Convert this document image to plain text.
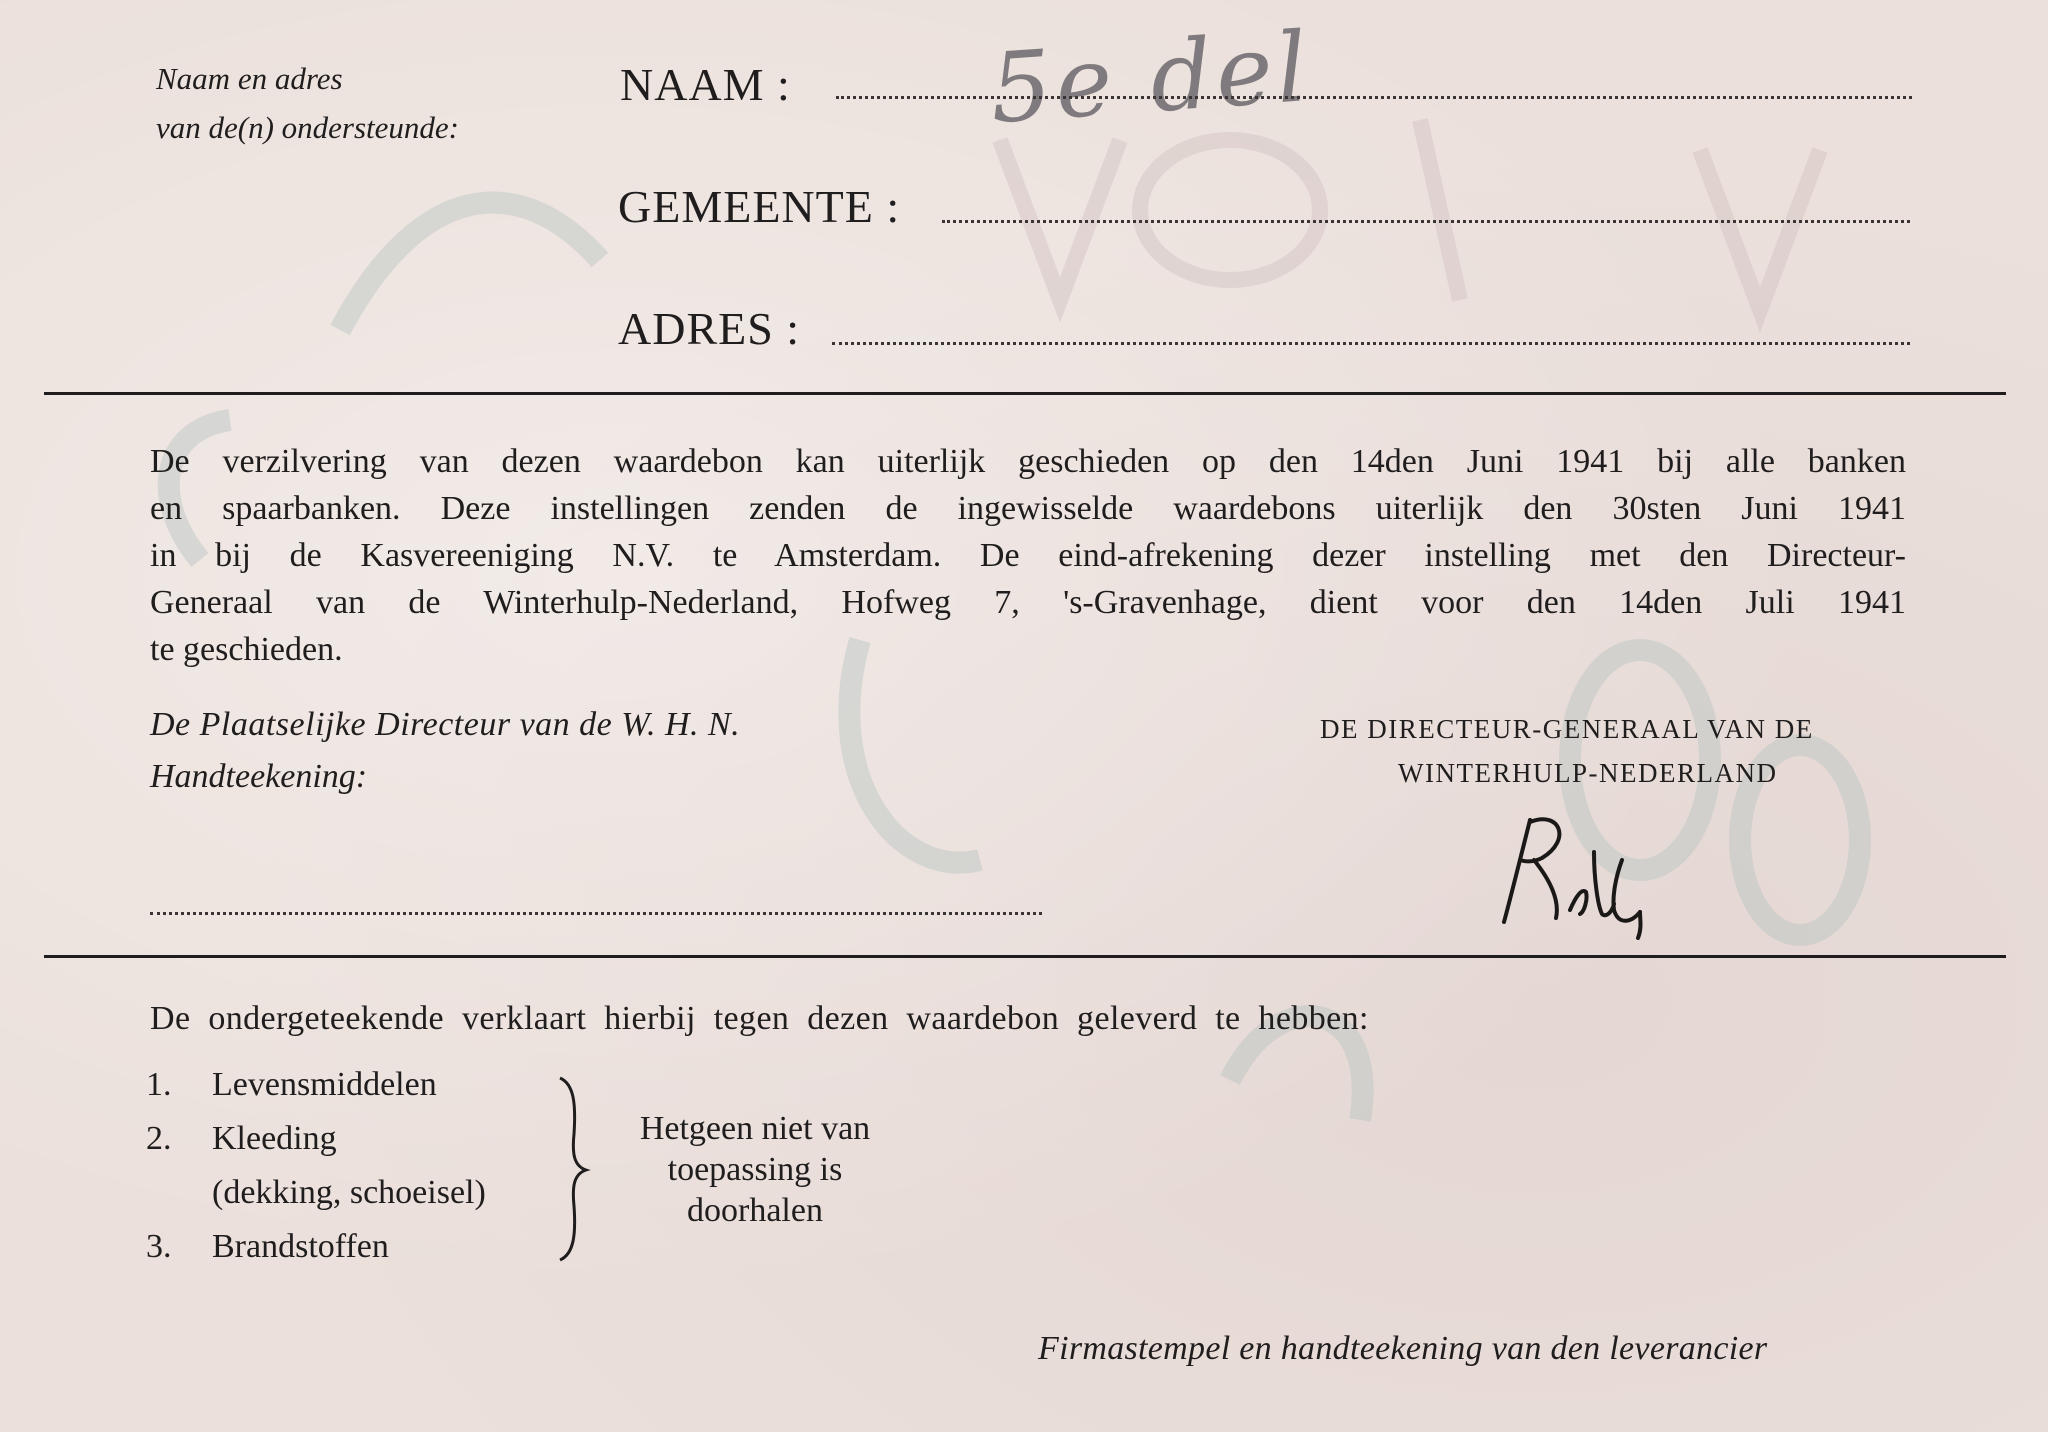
Naam en adres
van de(n) ondersteunde:	5e del
NAAM :
GEMEENTE :
ADRES :
De verzilvering van dezen waardebon kan uiterlijk geschieden op den 14den Juni 1941 bij alle banken
en spaarbanken. Deze instellingen zenden de ingewisselde waardebons uiterlijk den 30sten Juni 1941
in bij de Kasvereeniging N.V. te Amsterdam. De eind-afrekening dezer instelling met den Directeur-
Generaal van de Winterhulp-Nederland, Hofweg 7, 's-Gravenhage, dient voor den 14den Juli 1941
te geschieden.
De Plaatselijke Directeur van de W. H. N.
Handteekening:
DE DIRECTEUR-GENERAAL VAN DE
WINTERHULP-NEDERLAND
De ondergeteekende verklaart hierbij tegen dezen waardebon geleverd te hebben:
1. Levensmiddelen
2. Kleeding
(dekking, schoeisel)
3. Brandstoffen
Hetgeen niet van
toepassing is
doorhalen
Firmastempel en handteekening van den leverancier
